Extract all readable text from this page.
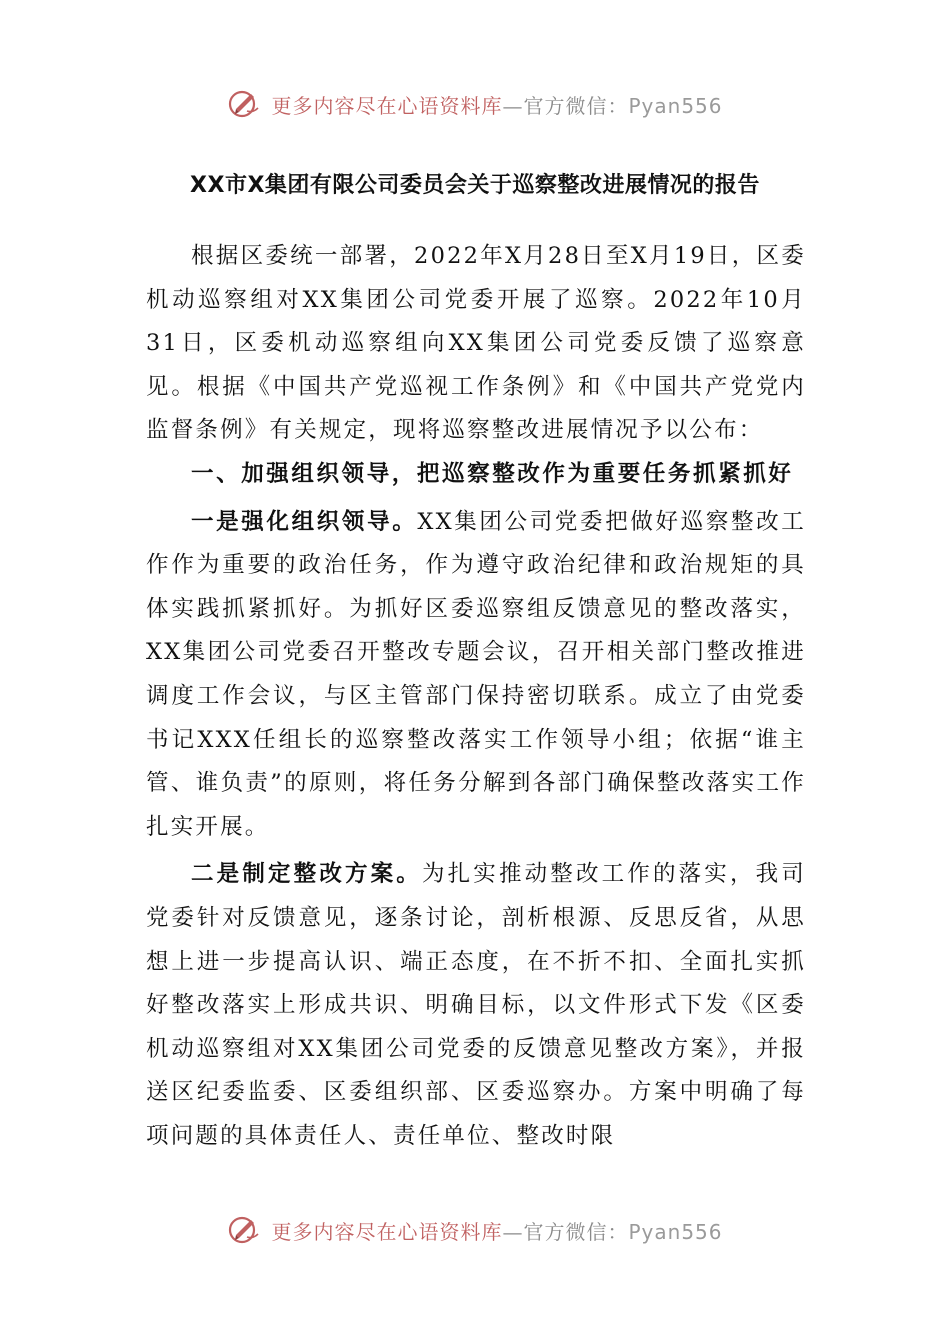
更多内容尽在心语资料库—官方微信：Pyan556
XX市X集团有限公司委员会关于巡察整改进展情况的报告

根据区委统一部署，2022年X月28日至X月19日，区委机动巡察组对XX集团公司党委开展了巡察。2022年10月31日，区委机动巡察组向XX集团公司党委反馈了巡察意见。根据《中国共产党巡视工作条例》和《中国共产党党内监督条例》有关规定，现将巡察整改进展情况予以公布：

一、加强组织领导，把巡察整改作为重要任务抓紧抓好

一是强化组织领导。XX集团公司党委把做好巡察整改工作作为重要的政治任务，作为遵守政治纪律和政治规矩的具体实践抓紧抓好。为抓好区委巡察组反馈意见的整改落实，XX集团公司党委召开整改专题会议，召开相关部门整改推进调度工作会议，与区主管部门保持密切联系。成立了由党委书记XXX任组长的巡察整改落实工作领导小组；依据“谁主管、谁负责”的原则，将任务分解到各部门确保整改落实工作扎实开展。

二是制定整改方案。为扎实推动整改工作的落实，我司党委针对反馈意见，逐条讨论，剖析根源、反思反省，从思想上进一步提高认识、端正态度，在不折不扣、全面扎实抓好整改落实上形成共识、明确目标，以文件形式下发《区委机动巡察组对XX集团公司党委的反馈意见整改方案》，并报送区纪委监委、区委组织部、区委巡察办。方案中明确了每项问题的具体责任人、责任单位、整改时限

更多内容尽在心语资料库—官方微信：Pyan556
